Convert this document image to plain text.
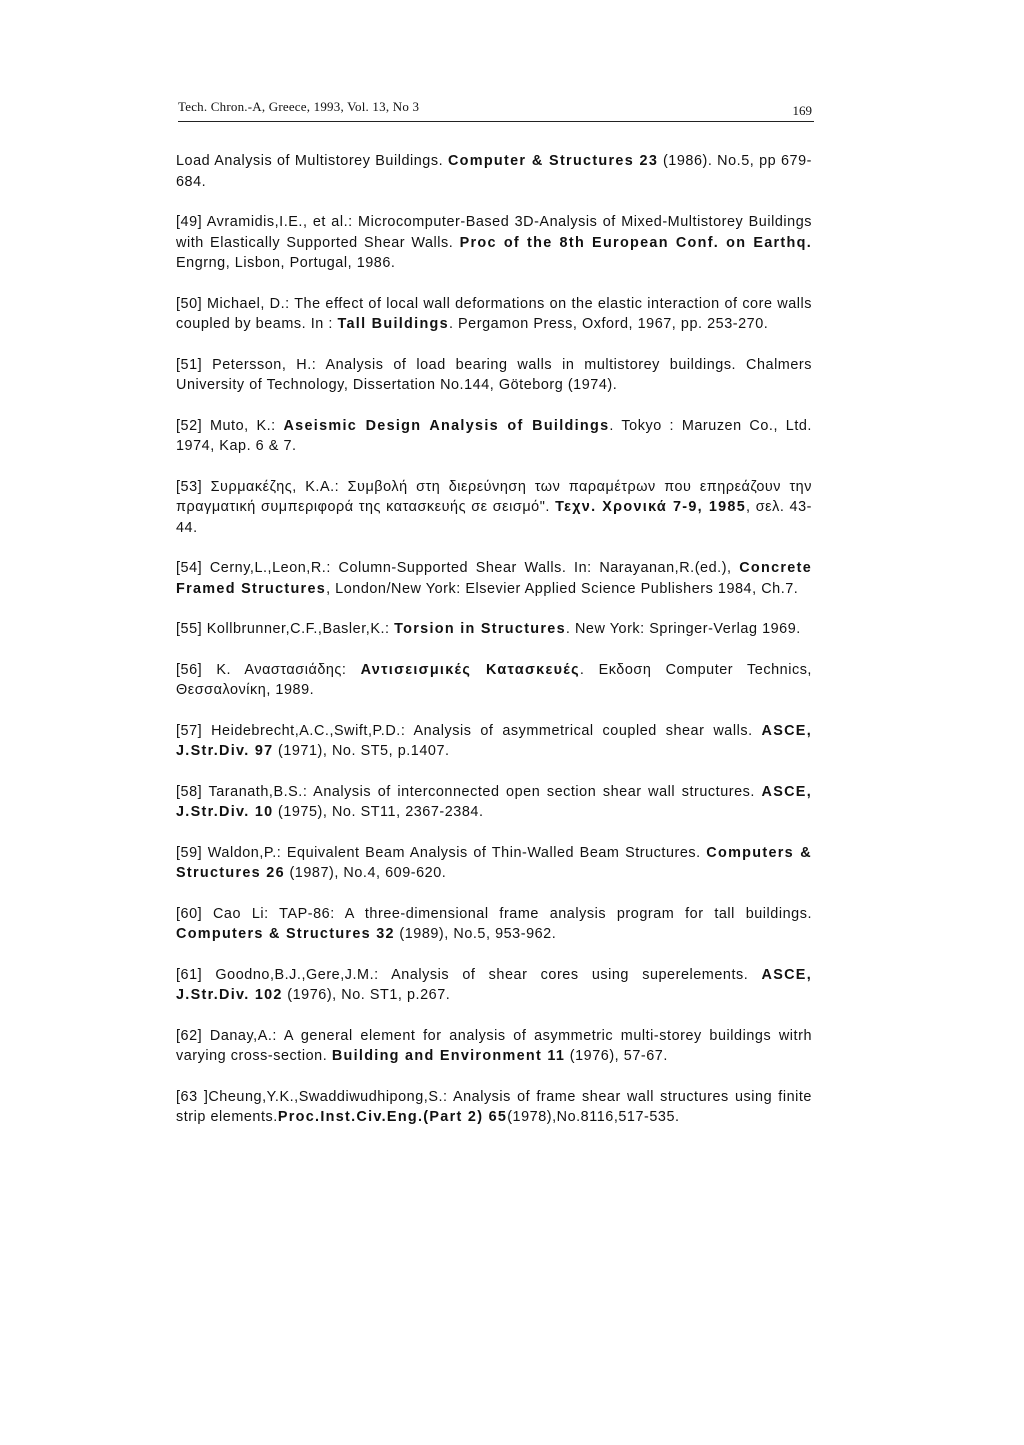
Tech. Chron.-A, Greece, 1993, Vol. 13, No 3	169

Load Analysis of Multistorey Buildings. Computer & Structures 23 (1986). No.5, pp 679-684.

[49] Avramidis,I.E., et al.: Microcomputer-Based 3D-Analysis of Mixed-Multistorey Buildings with Elastically Supported Shear Walls. Proc of the 8th European Conf. on Earthq. Engrng, Lisbon, Portugal, 1986.

[50] Michael, D.: The effect of local wall deformations on the elastic interaction of core walls coupled by beams. In : Tall Buildings. Pergamon Press, Oxford, 1967, pp. 253-270.

[51] Petersson, H.: Analysis of load bearing walls in multistorey buildings. Chalmers University of Technology, Dissertation No.144, Göteborg (1974).

[52] Muto, K.: Aseismic Design Analysis of Buildings. Tokyo : Maruzen Co., Ltd. 1974, Kap. 6 & 7.

[53] Συρμακέζης, Κ.Α.: Συμβολή στη διερεύνηση των παραμέτρων που επηρεάζουν την πραγματική συμπεριφορά της κατασκευής σε σεισμό". Τεχν. Χρονικά 7-9, 1985, σελ. 43-44.

[54] Cerny,L.,Leon,R.: Column-Supported Shear Walls. In: Narayanan,R.(ed.), Concrete Framed Structures, London/New York: Elsevier Applied Science Publishers 1984, Ch.7.

[55] Kollbrunner,C.F.,Basler,K.: Torsion in Structures. New York: Springer-Verlag 1969.

[56] Κ. Αναστασιάδης: Αντισεισμικές Κατασκευές. Εκδοση Computer Technics, Θεσσαλονίκη, 1989.

[57] Heidebrecht,A.C.,Swift,P.D.: Analysis of asymmetrical coupled shear walls. ASCE, J.Str.Div. 97 (1971), No. ST5, p.1407.

[58] Taranath,B.S.: Analysis of interconnected open section shear wall structures. ASCE, J.Str.Div. 10 (1975), No. ST11, 2367-2384.

[59] Waldon,P.: Equivalent Beam Analysis of Thin-Walled Beam Structures. Computers & Structures 26 (1987), No.4, 609-620.

[60] Cao Li: TAP-86: A three-dimensional frame analysis program for tall buildings. Computers & Structures 32 (1989), No.5, 953-962.

[61] Goodno,B.J.,Gere,J.M.: Analysis of shear cores using superelements. ASCE, J.Str.Div. 102 (1976), No. ST1, p.267.

[62] Danay,A.: A general element for analysis of asymmetric multi-storey buildings witrh varying cross-section. Building and Environment 11 (1976), 57-67.

[63 ]Cheung,Y.K.,Swaddiwudhipong,S.: Analysis of frame shear wall structures using finite strip elements.Proc.Inst.Civ.Eng.(Part 2) 65(1978),No.8116,517-535.
